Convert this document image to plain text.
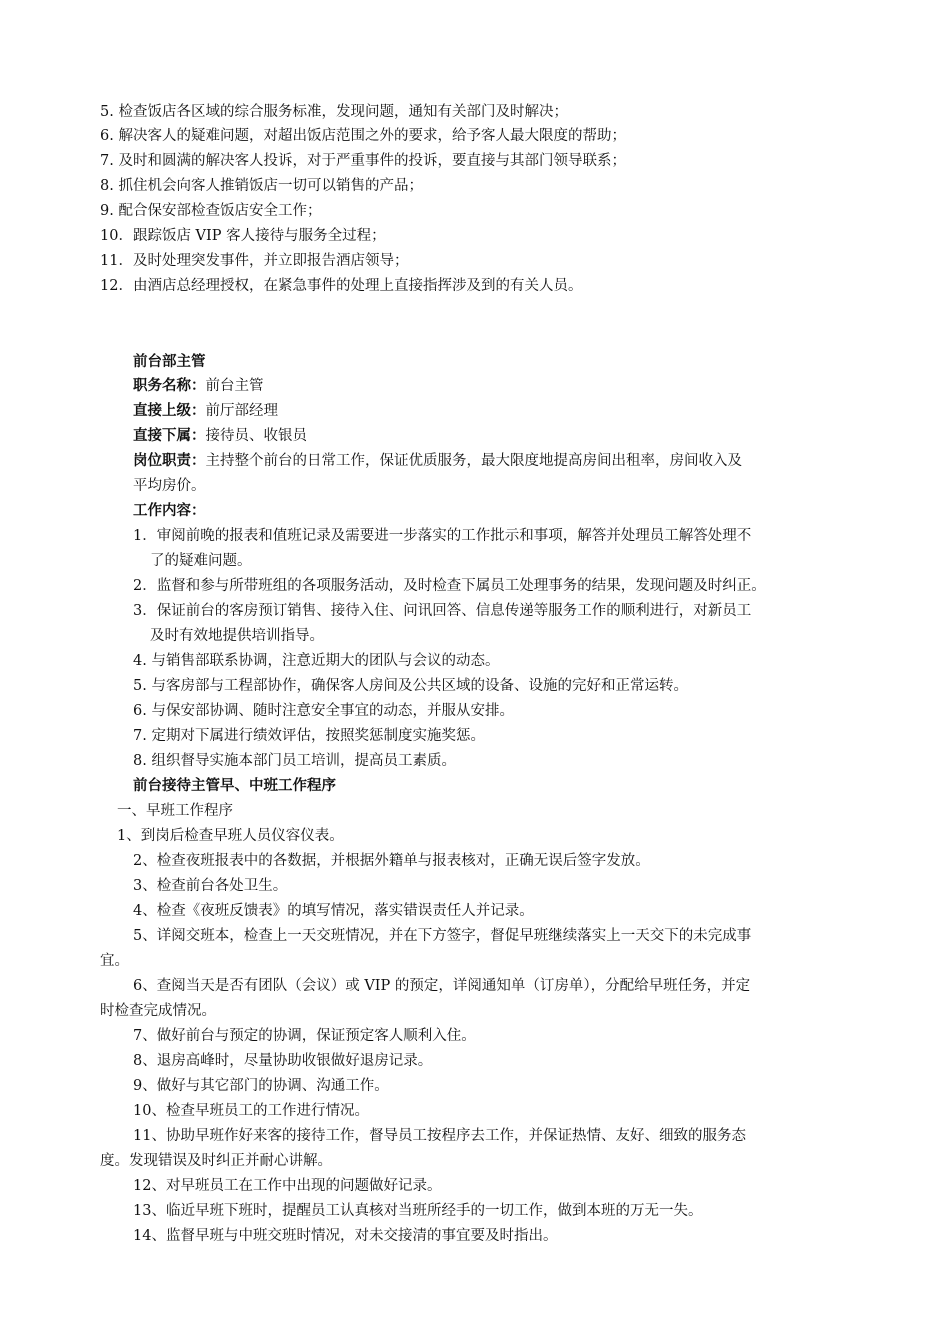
5. 检查饭店各区域的综合服务标准，发现问题，通知有关部门及时解决；
6. 解决客人的疑难问题，对超出饭店范围之外的要求，给予客人最大限度的帮助；
7. 及时和圆满的解决客人投诉，对于严重事件的投诉，要直接与其部门领导联系；
8. 抓住机会向客人推销饭店一切可以销售的产品；
9. 配合保安部检查饭店安全工作；
10．跟踪饭店 VIP 客人接待与服务全过程；
11．及时处理突发事件，并立即报告酒店领导；
12．由酒店总经理授权，在紧急事件的处理上直接指挥涉及到的有关人员。
前台部主管
职务名称：前台主管
直接上级：前厅部经理
直接下属：接待员、收银员
岗位职责：主持整个前台的日常工作，保证优质服务，最大限度地提高房间出租率，房间收入及
平均房价。
工作内容：
1．审阅前晚的报表和值班记录及需要进一步落实的工作批示和事项，解答并处理员工解答处理不
了的疑难问题。
2．监督和参与所带班组的各项服务活动，及时检查下属员工处理事务的结果，发现问题及时纠正。
3．保证前台的客房预订销售、接待入住、问讯回答、信息传递等服务工作的顺利进行，对新员工
及时有效地提供培训指导。
4. 与销售部联系协调，注意近期大的团队与会议的动态。
5. 与客房部与工程部协作，确保客人房间及公共区域的设备、设施的完好和正常运转。
6. 与保安部协调、随时注意安全事宜的动态，并服从安排。
7. 定期对下属进行绩效评估，按照奖惩制度实施奖惩。
8. 组织督导实施本部门员工培训，提高员工素质。
前台接待主管早、中班工作程序
一、早班工作程序
1、到岗后检查早班人员仪容仪表。
2、检查夜班报表中的各数据，并根据外籍单与报表核对，正确无误后签字发放。
3、检查前台各处卫生。
4、检查《夜班反馈表》的填写情况，落实错误责任人并记录。
5、详阅交班本，检查上一天交班情况，并在下方签字，督促早班继续落实上一天交下的未完成事
宜。
6、查阅当天是否有团队（会议）或 VIP 的预定，详阅通知单（订房单），分配给早班任务，并定
时检查完成情况。
7、做好前台与预定的协调，保证预定客人顺利入住。
8、退房高峰时，尽量协助收银做好退房记录。
9、做好与其它部门的协调、沟通工作。
10、检查早班员工的工作进行情况。
11、协助早班作好来客的接待工作，督导员工按程序去工作，并保证热情、友好、细致的服务态
度。发现错误及时纠正并耐心讲解。
12、对早班员工在工作中出现的问题做好记录。
13、临近早班下班时，提醒员工认真核对当班所经手的一切工作，做到本班的万无一失。
14、监督早班与中班交班时情况，对未交接清的事宜要及时指出。
